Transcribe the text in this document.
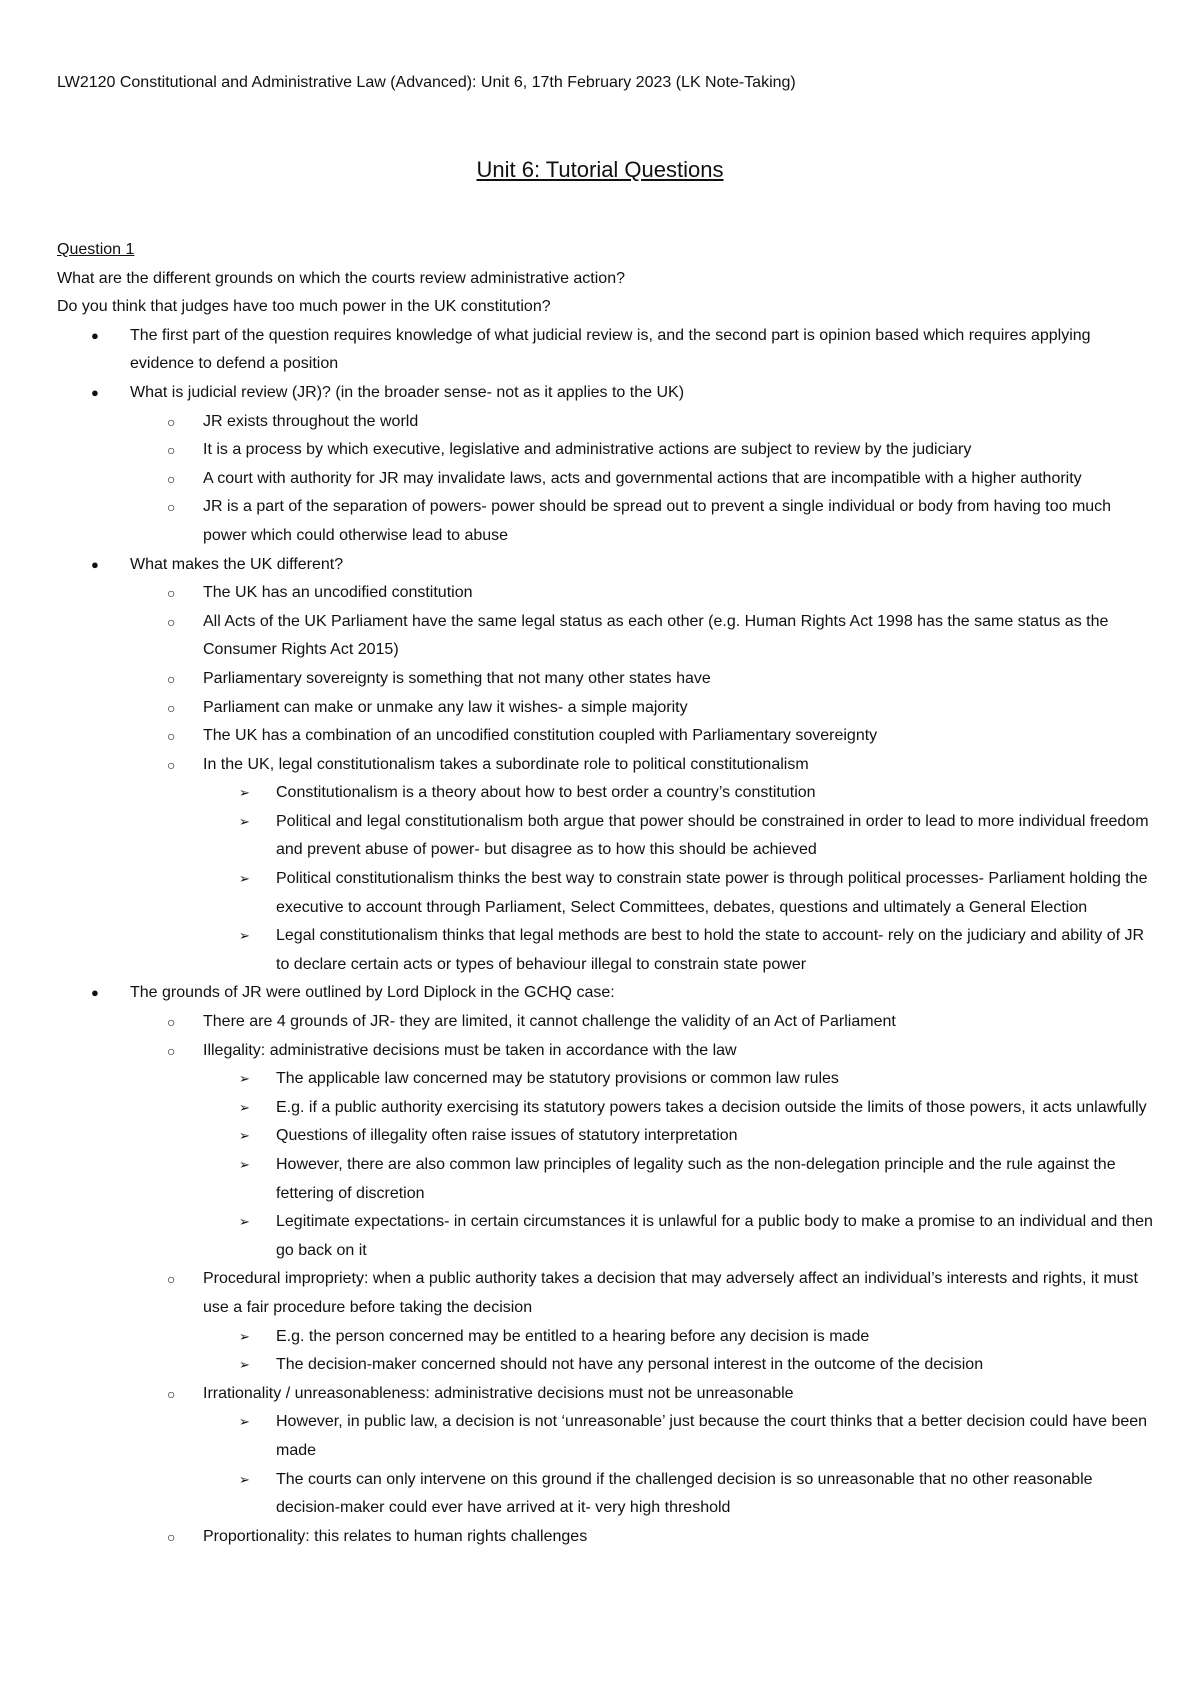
LW2120 Constitutional and Administrative Law (Advanced): Unit 6, 17th February 2023 (LK Note-Taking)
Unit 6: Tutorial Questions
Question 1
What are the different grounds on which the courts review administrative action?
Do you think that judges have too much power in the UK constitution?
● The first part of the question requires knowledge of what judicial review is, and the second part is opinion based which requires applying evidence to defend a position
● What is judicial review (JR)? (in the broader sense- not as it applies to the UK)
○ JR exists throughout the world
○ It is a process by which executive, legislative and administrative actions are subject to review by the judiciary
○ A court with authority for JR may invalidate laws, acts and governmental actions that are incompatible with a higher authority
○ JR is a part of the separation of powers- power should be spread out to prevent a single individual or body from having too much power which could otherwise lead to abuse
● What makes the UK different?
○ The UK has an uncodified constitution
○ All Acts of the UK Parliament have the same legal status as each other (e.g. Human Rights Act 1998 has the same status as the Consumer Rights Act 2015)
○ Parliamentary sovereignty is something that not many other states have
○ Parliament can make or unmake any law it wishes- a simple majority
○ The UK has a combination of an uncodified constitution coupled with Parliamentary sovereignty
○ In the UK, legal constitutionalism takes a subordinate role to political constitutionalism
➢ Constitutionalism is a theory about how to best order a country’s constitution
➢ Political and legal constitutionalism both argue that power should be constrained in order to lead to more individual freedom and prevent abuse of power- but disagree as to how this should be achieved
➢ Political constitutionalism thinks the best way to constrain state power is through political processes- Parliament holding the executive to account through Parliament, Select Committees, debates, questions and ultimately a General Election
➢ Legal constitutionalism thinks that legal methods are best to hold the state to account- rely on the judiciary and ability of JR to declare certain acts or types of behaviour illegal to constrain state power
● The grounds of JR were outlined by Lord Diplock in the GCHQ case:
○ There are 4 grounds of JR- they are limited, it cannot challenge the validity of an Act of Parliament
○ Illegality: administrative decisions must be taken in accordance with the law
➢ The applicable law concerned may be statutory provisions or common law rules
➢ E.g. if a public authority exercising its statutory powers takes a decision outside the limits of those powers, it acts unlawfully
➢ Questions of illegality often raise issues of statutory interpretation
➢ However, there are also common law principles of legality such as the non-delegation principle and the rule against the fettering of discretion
➢ Legitimate expectations- in certain circumstances it is unlawful for a public body to make a promise to an individual and then go back on it
○ Procedural impropriety: when a public authority takes a decision that may adversely affect an individual’s interests and rights, it must use a fair procedure before taking the decision
➢ E.g. the person concerned may be entitled to a hearing before any decision is made
➢ The decision-maker concerned should not have any personal interest in the outcome of the decision
○ Irrationality / unreasonableness: administrative decisions must not be unreasonable
➢ However, in public law, a decision is not ‘unreasonable’ just because the court thinks that a better decision could have been made
➢ The courts can only intervene on this ground if the challenged decision is so unreasonable that no other reasonable decision-maker could ever have arrived at it- very high threshold
○ Proportionality: this relates to human rights challenges
